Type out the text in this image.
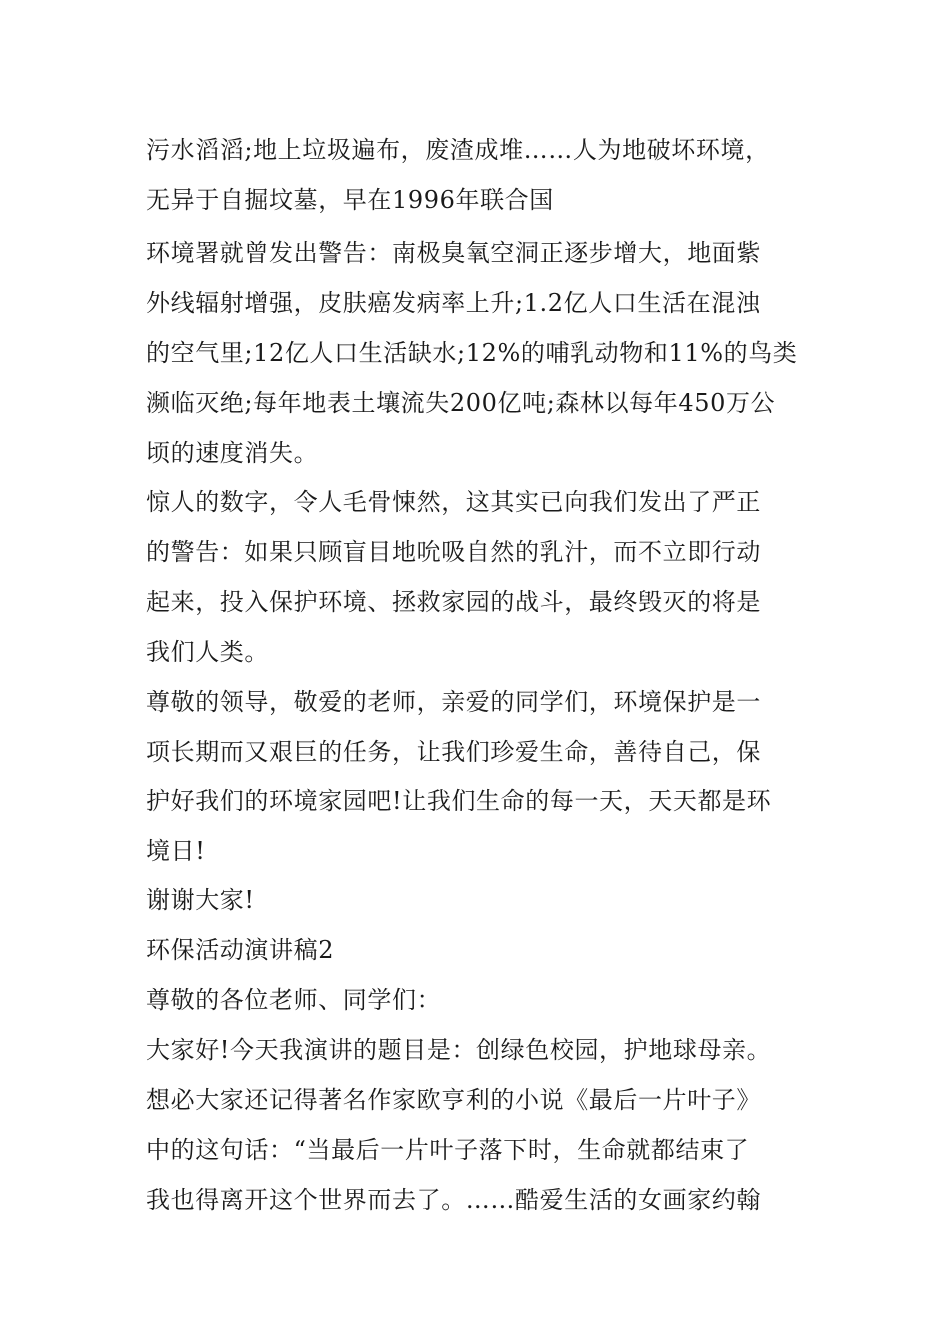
污水滔滔;地上垃圾遍布，废渣成堆……人为地破坏环境，
无异于自掘坟墓，早在1996年联合国
环境署就曾发出警告：南极臭氧空洞正逐步增大，地面紫
外线辐射增强，皮肤癌发病率上升;1.2亿人口生活在混浊
的空气里;12亿人口生活缺水;12%的哺乳动物和11%的鸟类
濒临灭绝;每年地表土壤流失200亿吨;森林以每年450万公
顷的速度消失。
惊人的数字，令人毛骨悚然，这其实已向我们发出了严正
的警告：如果只顾盲目地吮吸自然的乳汁，而不立即行动
起来，投入保护环境、拯救家园的战斗，最终毁灭的将是
我们人类。
尊敬的领导，敬爱的老师，亲爱的同学们，环境保护是一
项长期而又艰巨的任务，让我们珍爱生命，善待自己，保
护好我们的环境家园吧!让我们生命的每一天，天天都是环
境日!
谢谢大家!
环保活动演讲稿2
尊敬的各位老师、同学们：
大家好!今天我演讲的题目是：创绿色校园，护地球母亲。
想必大家还记得著名作家欧亨利的小说《最后一片叶子》
中的这句话：“当最后一片叶子落下时，生命就都结束了
我也得离开这个世界而去了。……酷爱生活的女画家约翰
